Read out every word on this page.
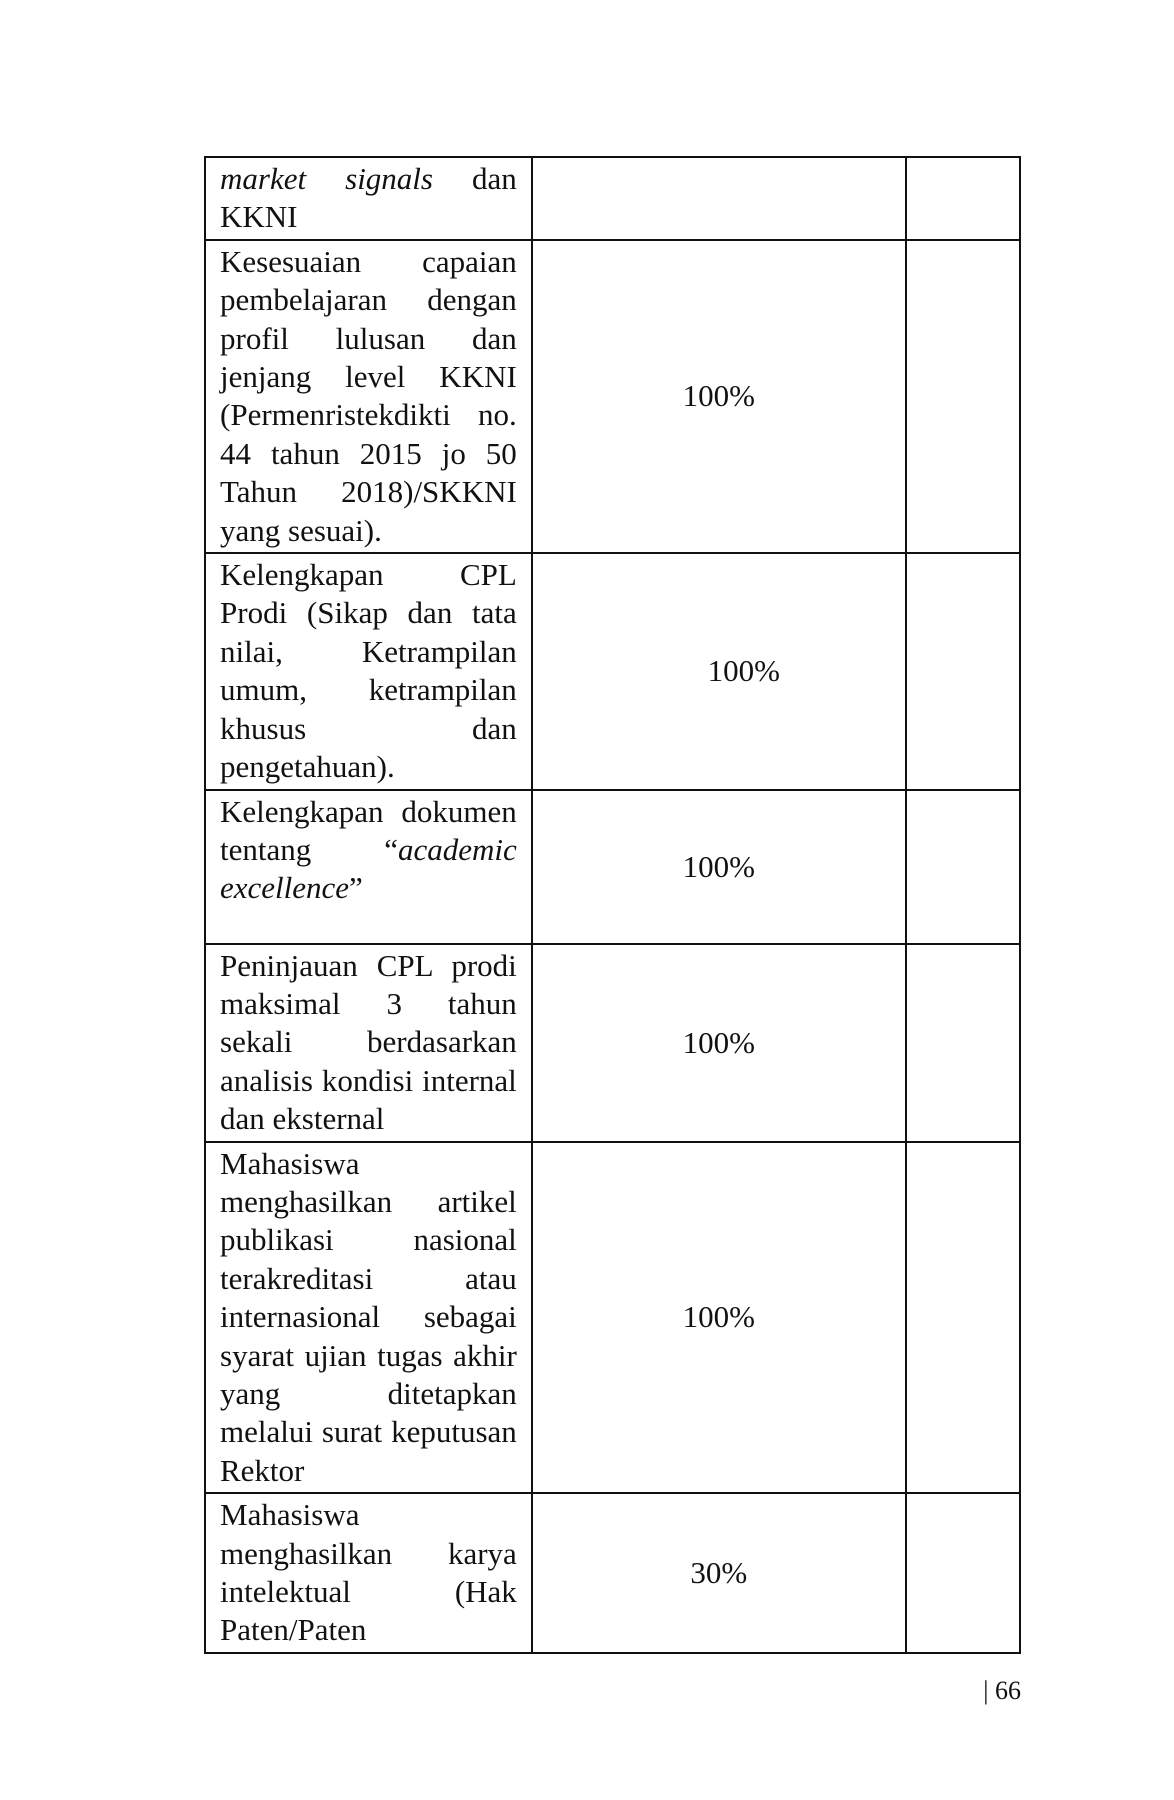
market signals dan KKNI		
Kesesuaian capaian pembelajaran dengan profil lulusan dan jenjang level KKNI (Permenristekdikti no. 44 tahun 2015 jo 50 Tahun 2018)/SKKNI yang sesuai).	100%	
Kelengkapan CPL Prodi (Sikap dan tata nilai, Ketrampilan umum, ketrampilan khusus dan pengetahuan).	100%	
Kelengkapan dokumen tentang “academic excellence”	100%	
Peninjauan CPL prodi maksimal 3 tahun sekali berdasarkan analisis kondisi internal dan eksternal	100%	
Mahasiswa menghasilkan artikel publikasi nasional terakreditasi atau internasional sebagai syarat ujian tugas akhir yang ditetapkan melalui surat keputusan Rektor	100%	
Mahasiswa menghasilkan karya intelektual (Hak Paten/Paten	30%	
| 66
